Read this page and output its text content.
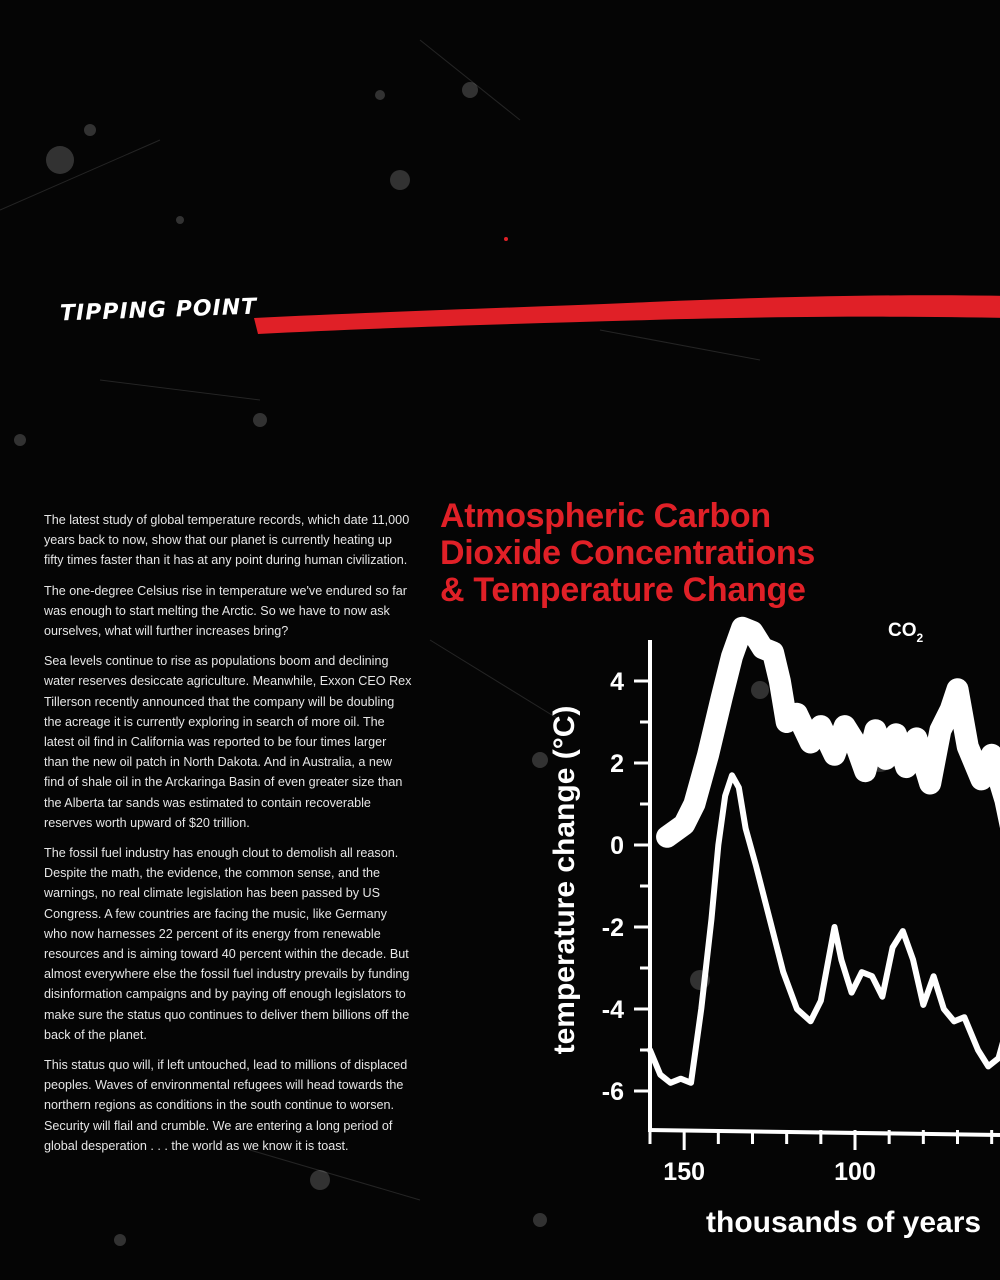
TIPPING POINT

The latest study of global temperature records, which date 11,000 years back to now, show that our planet is currently heating up fifty times faster than it has at any point during human civilization.

The one-degree Celsius rise in temperature we've endured so far was enough to start melting the Arctic. So we have to now ask ourselves, what will further increases bring?

Sea levels continue to rise as populations boom and declining water reserves desiccate agriculture. Meanwhile, Exxon CEO Rex Tillerson recently announced that the company will be doubling the acreage it is currently exploring in search of more oil. The latest oil find in California was reported to be four times larger than the new oil patch in North Dakota. And in Australia, a new find of shale oil in the Arckaringa Basin of even greater size than the Alberta tar sands was estimated to contain recoverable reserves worth upward of $20 trillion.

The fossil fuel industry has enough clout to demolish all reason. Despite the math, the evidence, the common sense, and the warnings, no real climate legislation has been passed by US Congress. A few countries are facing the music, like Germany who now harnesses 22 percent of its energy from renewable resources and is aiming toward 40 percent within the decade. But almost everywhere else the fossil fuel industry prevails by funding disinformation campaigns and by paying off enough legislators to make sure the status quo continues to deliver them billions off the back of the planet.

This status quo will, if left untouched, lead to millions of displaced peoples. Waves of environmental refugees will head towards the northern regions as conditions in the south continue to worsen. Security will flail and crumble. We are entering a long period of global desperation . . . the world as we know it is toast.

Atmospheric Carbon
Dioxide Concentrations
& Temperature Change
4
2
0
-2
-4
-6
150	100
$CO_2$
temperature change (°C)
thousands of years
